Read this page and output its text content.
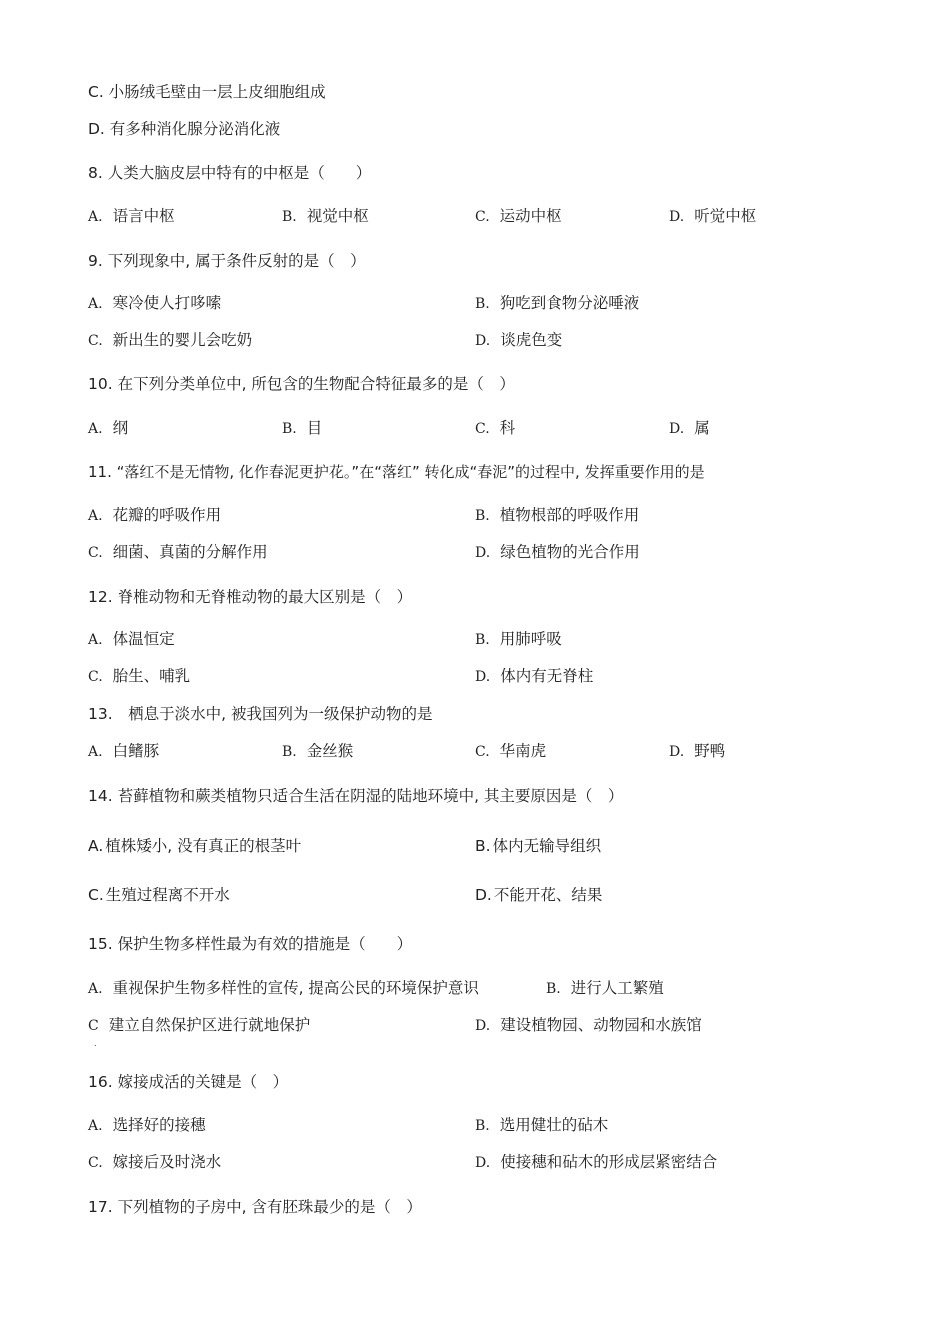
C. 小肠绒毛壁由一层上皮细胞组成
D. 有多种消化腺分泌消化液
8. 人类大脑皮层中特有的中枢是（　　）
A. 语言中枢	B. 视觉中枢	C. 运动中枢	D. 听觉中枢
9. 下列现象中, 属于条件反射的是（　）
A. 寒冷使人打哆嗦	B. 狗吃到食物分泌唾液
C. 新出生的婴儿会吃奶	D. 谈虎色变
10. 在下列分类单位中, 所包含的生物配合特征最多的是（　）
A. 纲	B. 目	C. 科	D. 属
11. “落红不是无情物, 化作春泥更护花。”在“落红” 转化成“春泥”的过程中, 发挥重要作用的是
A. 花瓣的呼吸作用	B. 植物根部的呼吸作用
C. 细菌、真菌的分解作用	D. 绿色植物的光合作用
12. 脊椎动物和无脊椎动物的最大区别是（　）
A. 体温恒定	B. 用肺呼吸
C. 胎生、哺乳	D. 体内有无脊柱
13.　栖息于淡水中, 被我国列为一级保护动物的是
A. 白鳍豚	B. 金丝猴	C. 华南虎	D. 野鸭
14. 苔藓植物和蕨类植物只适合生活在阴湿的陆地环境中, 其主要原因是（　）
A. 植株矮小, 没有真正的根茎叶	B. 体内无输导组织
C. 生殖过程离不开水	D. 不能开花、结果
15. 保护生物多样性最为有效的措施是（　　）
A. 重视保护生物多样性的宣传, 提高公民的环境保护意识	B. 进行人工繁殖
C 建立自然保护区进行就地保护	D. 建设植物园、动物园和水族馆
.
16. 嫁接成活的关键是（　）
A. 选择好的接穗	B. 选用健壮的砧木
C. 嫁接后及时浇水	D. 使接穗和砧木的形成层紧密结合
17. 下列植物的子房中, 含有胚珠最少的是（　）
